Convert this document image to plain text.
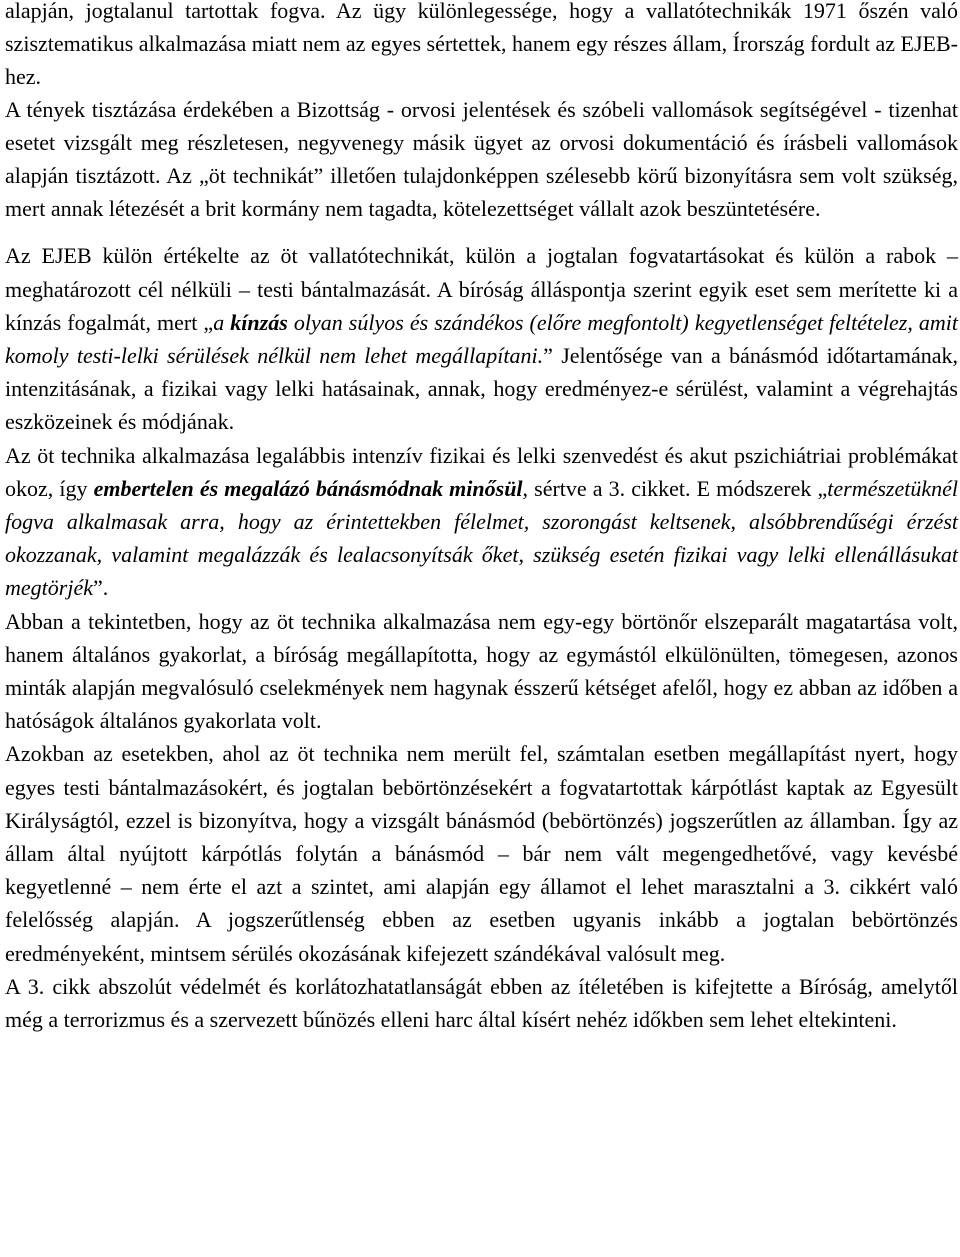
alapján, jogtalanul tartottak fogva. Az ügy különlegessége, hogy a vallatótechnikák 1971 őszén való szisztematikus alkalmazása miatt nem az egyes sértettek, hanem egy részes állam, Írország fordult az EJEB-hez.

A tények tisztázása érdekében a Bizottság - orvosi jelentések és szóbeli vallomások segítségével - tizenhat esetet vizsgált meg részletesen, negyvenegy másik ügyet az orvosi dokumentáció és írásbeli vallomások alapján tisztázott. Az „öt technikát” illetően tulajdonképpen szélesebb körű bizonyításra sem volt szükség, mert annak létezését a brit kormány nem tagadta, kötelezettséget vállalt azok beszüntetésére.

Az EJEB külön értékelte az öt vallatótechnikát, külön a jogtalan fogvatartásokat és külön a rabok – meghatározott cél nélküli – testi bántalmazását. A bíróság álláspontja szerint egyik eset sem merítette ki a kínzás fogalmát, mert „a kínzás olyan súlyos és szándékos (előre megfontolt) kegyetlenséget feltételez, amit komoly testi-lelki sérülések nélkül nem lehet megállapítani.” Jelentősége van a bánásmód időtartamának, intenzitásának, a fizikai vagy lelki hatásainak, annak, hogy eredményez-e sérülést, valamint a végrehajtás eszközeinek és módjának.

Az öt technika alkalmazása legalábbis intenzív fizikai és lelki szenvedést és akut pszichiátriai problémákat okoz, így embertelen és megalázó bánásmódnak minősül, sértve a 3. cikket. E módszerek „természetüknél fogva alkalmasak arra, hogy az érintettekben félelmet, szorongást keltsenek, alsóbbrendűségi érzést okozzanak, valamint megalázzák és lealacsonyítsák őket, szükség esetén fizikai vagy lelki ellenállásukat megtörjék”.

Abban a tekintetben, hogy az öt technika alkalmazása nem egy-egy börtönőr elszeparált magatartása volt, hanem általános gyakorlat, a bíróság megállapította, hogy az egymástól elkülönülten, tömegesen, azonos minták alapján megvalósuló cselekmények nem hagynak ésszerű kétséget afelől, hogy ez abban az időben a hatóságok általános gyakorlata volt.

Azokban az esetekben, ahol az öt technika nem merült fel, számtalan esetben megállapítást nyert, hogy egyes testi bántalmazásokért, és jogtalan bebörtönzésekért a fogvatartottak kárpótlást kaptak az Egyesült Királyságtól, ezzel is bizonyítva, hogy a vizsgált bánásmód (bebörtönzés) jogszerűtlen az államban. Így az állam által nyújtott kárpótlás folytán a bánásmód – bár nem vált megengedhetővé, vagy kevésbé kegyetlenné – nem érte el azt a szintet, ami alapján egy államot el lehet marasztalni a 3. cikkért való felelősség alapján. A jogszerűtlenség ebben az esetben ugyanis inkább a jogtalan bebörtönzés eredményeként, mintsem sérülés okozásának kifejezett szándékával valósult meg.

A 3. cikk abszolút védelmét és korlátozhatatlanságát ebben az ítéletében is kifejtette a Bíróság, amelytől még a terrorizmus és a szervezett bűnözés elleni harc által kísért nehéz időkben sem lehet eltekinteni.
